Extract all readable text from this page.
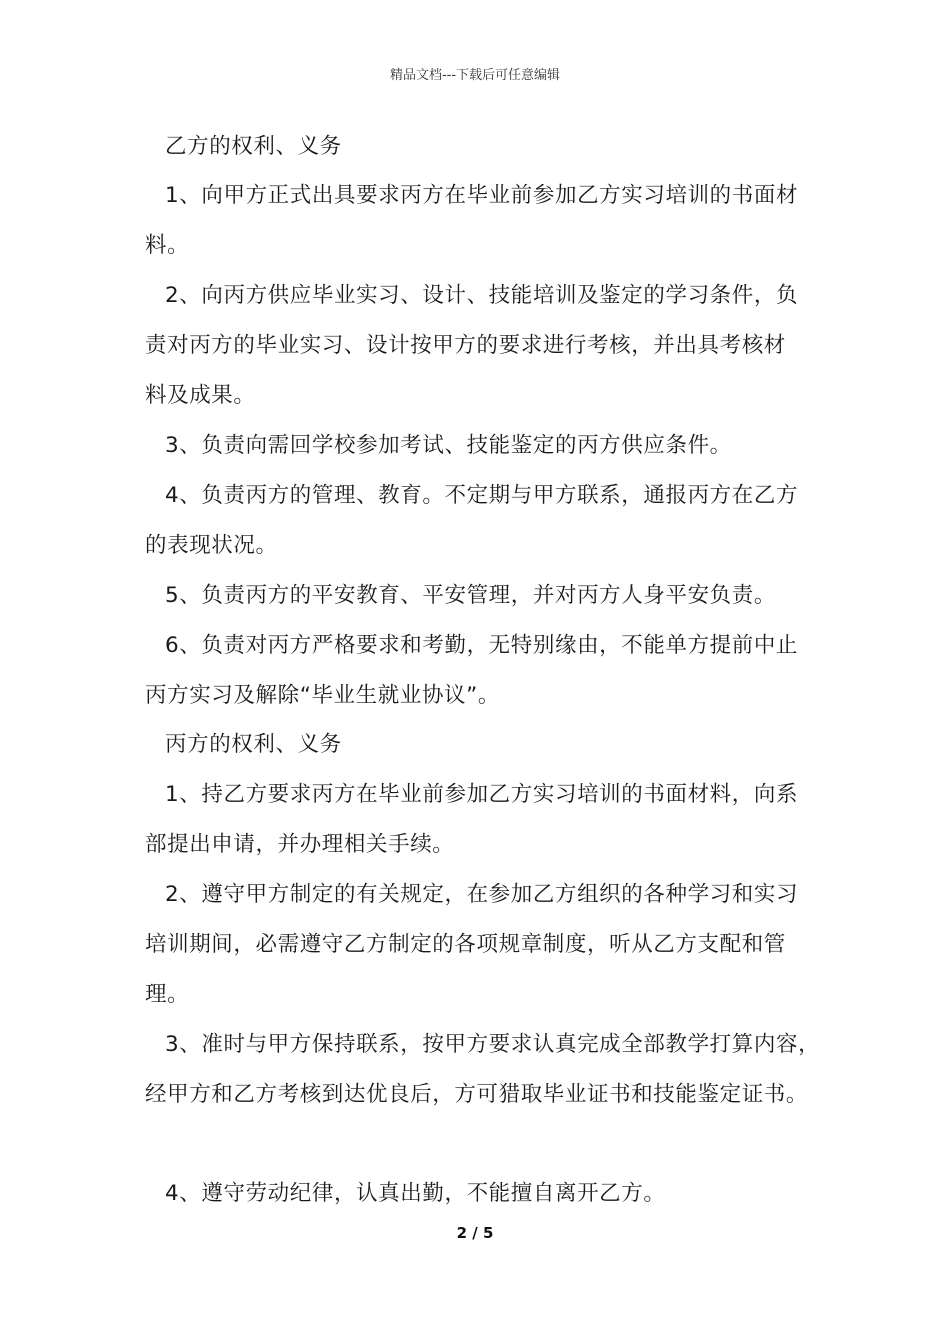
精品文档---下载后可任意编辑
乙方的权利、义务
1、向甲方正式出具要求丙方在毕业前参加乙方实习培训的书面材
料。
2、向丙方供应毕业实习、设计、技能培训及鉴定的学习条件，负
责对丙方的毕业实习、设计按甲方的要求进行考核，并出具考核材
料及成果。
3、负责向需回学校参加考试、技能鉴定的丙方供应条件。
4、负责丙方的管理、教育。不定期与甲方联系，通报丙方在乙方
的表现状况。
5、负责丙方的平安教育、平安管理，并对丙方人身平安负责。
6、负责对丙方严格要求和考勤，无特别缘由，不能单方提前中止
丙方实习及解除“毕业生就业协议”。
丙方的权利、义务
1、持乙方要求丙方在毕业前参加乙方实习培训的书面材料，向系
部提出申请，并办理相关手续。
2、遵守甲方制定的有关规定，在参加乙方组织的各种学习和实习
培训期间，必需遵守乙方制定的各项规章制度，听从乙方支配和管
理。
3、准时与甲方保持联系，按甲方要求认真完成全部教学打算内容，
经甲方和乙方考核到达优良后，方可猎取毕业证书和技能鉴定证书。
4、遵守劳动纪律，认真出勤，不能擅自离开乙方。
2 / 5
